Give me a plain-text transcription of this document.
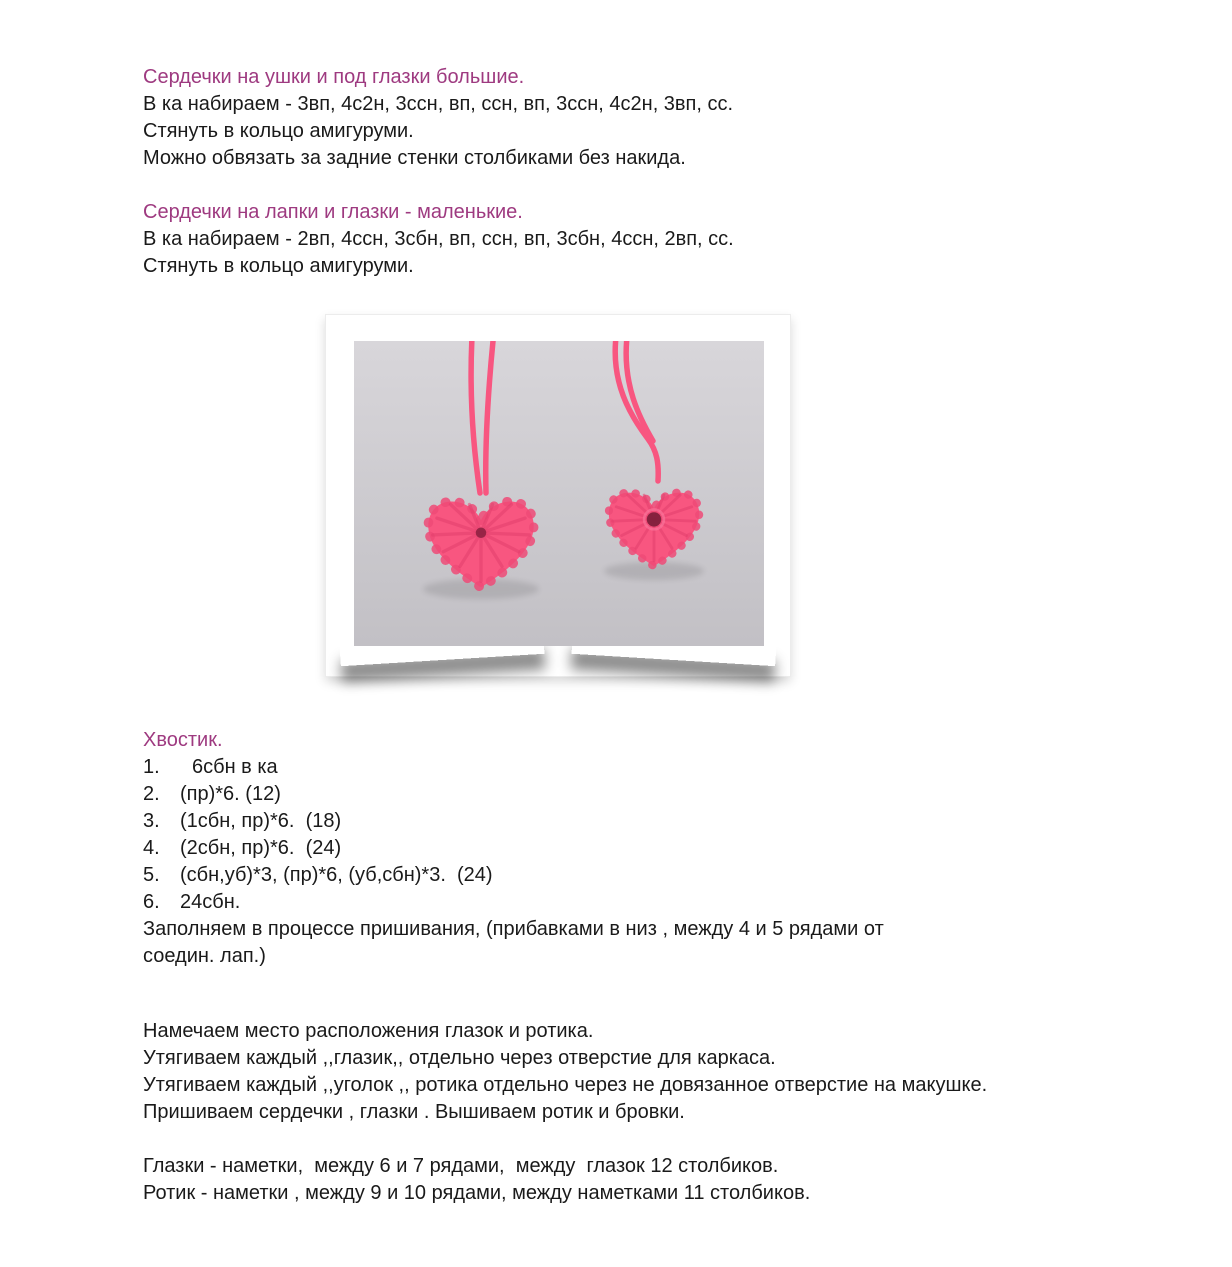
Сердечки на ушки и под глазки большие.

В ка набираем - 3вп, 4с2н, 3ссн, вп, ссн, вп, 3ссн, 4с2н, 3вп, сс.

Стянуть в кольцо амигуруми.

Можно обвязать за задние стенки столбиками без накида.

Сердечки на лапки и глазки - маленькие.

В ка набираем - 2вп, 4ссн, 3сбн, вп, ссн, вп, 3сбн, 4ссн, 2вп, сс.

Стянуть в кольцо амигуруми.

Хвостик.
1.	6сбн в ка
2.	(пр)*6. (12)
3.	(1сбн, пр)*6.  (18)
4.	(2сбн, пр)*6.  (24)
5.	(сбн,уб)*3, (пр)*6, (уб,сбн)*3.  (24)
6.	24сбн.

Заполняем в процессе пришивания, (прибавками в низ , между 4 и 5 рядами от

соедин. лап.)

Намечаем место расположения глазок и ротика.

Утягиваем каждый ,,глазик,, отдельно через отверстие для каркаса.

Утягиваем каждый ,,уголок ,, ротика отдельно через не довязанное отверстие на макушке.

Пришиваем сердечки , глазки . Вышиваем ротик и бровки.

Глазки - наметки,  между 6 и 7 рядами,  между  глазок 12 столбиков.

Ротик - наметки , между 9 и 10 рядами, между наметками 11 столбиков.
